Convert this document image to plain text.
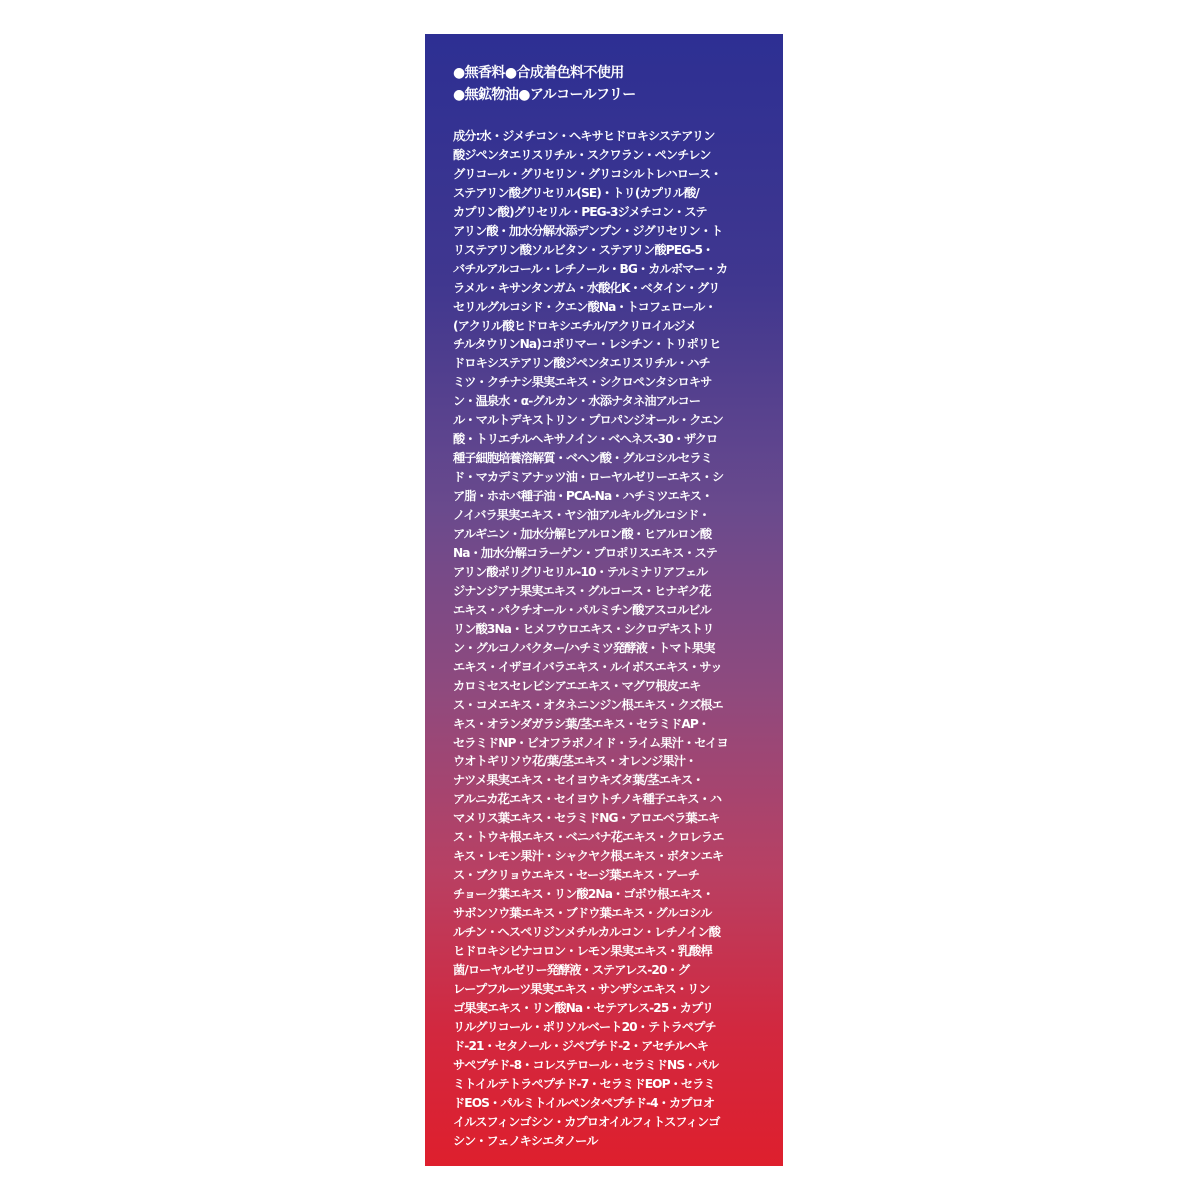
●無香料●合成着色料不使用
●無鉱物油●アルコールフリー
成分:水・ジメチコン・ヘキサヒドロキシステアリン
酸ジペンタエリスリチル・スクワラン・ペンチレン
グリコール・グリセリン・グリコシルトレハロース・
ステアリン酸グリセリル(SE)・トリ(カプリル酸/
カプリン酸)グリセリル・PEG-3ジメチコン・ステ
アリン酸・加水分解水添デンプン・ジグリセリン・ト
リステアリン酸ソルビタン・ステアリン酸PEG-5・
バチルアルコール・レチノール・BG・カルボマー・カ
ラメル・キサンタンガム・水酸化K・ベタイン・グリ
セリルグルコシド・クエン酸Na・トコフェロール・
(アクリル酸ヒドロキシエチル/アクリロイルジメ
チルタウリンNa)コポリマー・レシチン・トリポリヒ
ドロキシステアリン酸ジペンタエリスリチル・ハチ
ミツ・クチナシ果実エキス・シクロペンタシロキサ
ン・温泉水・α-グルカン・水添ナタネ油アルコー
ル・マルトデキストリン・プロパンジオール・クエン
酸・トリエチルヘキサノイン・ベヘネス-30・ザクロ
種子細胞培養溶解質・ベヘン酸・グルコシルセラミ
ド・マカデミアナッツ油・ローヤルゼリーエキス・シ
ア脂・ホホバ種子油・PCA-Na・ハチミツエキス・
ノイバラ果実エキス・ヤシ油アルキルグルコシド・
アルギニン・加水分解ヒアルロン酸・ヒアルロン酸
Na・加水分解コラーゲン・プロポリスエキス・ステ
アリン酸ポリグリセリル-10・テルミナリアフェル
ジナンジアナ果実エキス・グルコース・ヒナギク花
エキス・パクチオール・パルミチン酸アスコルビル
リン酸3Na・ヒメフウロエキス・シクロデキストリ
ン・グルコノバクター/ハチミツ発酵液・トマト果実
エキス・イザヨイバラエキス・ルイボスエキス・サッ
カロミセスセレビシアエエキス・マグワ根皮エキ
ス・コメエキス・オタネニンジン根エキス・クズ根エ
キス・オランダガラシ葉/茎エキス・セラミドAP・
セラミドNP・ビオフラボノイド・ライム果汁・セイヨ
ウオトギリソウ花/葉/茎エキス・オレンジ果汁・
ナツメ果実エキス・セイヨウキズタ葉/茎エキス・
アルニカ花エキス・セイヨウトチノキ種子エキス・ハ
マメリス葉エキス・セラミドNG・アロエベラ葉エキ
ス・トウキ根エキス・ベニバナ花エキス・クロレラエ
キス・レモン果汁・シャクヤク根エキス・ボタンエキ
ス・ブクリョウエキス・セージ葉エキス・アーチ
チョーク葉エキス・リン酸2Na・ゴボウ根エキス・
サボンソウ葉エキス・ブドウ葉エキス・グルコシル
ルチン・ヘスペリジンメチルカルコン・レチノイン酸
ヒドロキシピナコロン・レモン果実エキス・乳酸桿
菌/ローヤルゼリー発酵液・ステアレス-20・グ
レープフルーツ果実エキス・サンザシエキス・リン
ゴ果実エキス・リン酸Na・セテアレス-25・カプリ
リルグリコール・ポリソルベート20・テトラペプチ
ド-21・セタノール・ジペプチド-2・アセチルヘキ
サペプチド-8・コレステロール・セラミドNS・パル
ミトイルテトラペプチド-7・セラミドEOP・セラミ
ドEOS・パルミトイルペンタペプチド-4・カプロオ
イルスフィンゴシン・カプロオイルフィトスフィンゴ
シン・フェノキシエタノール
